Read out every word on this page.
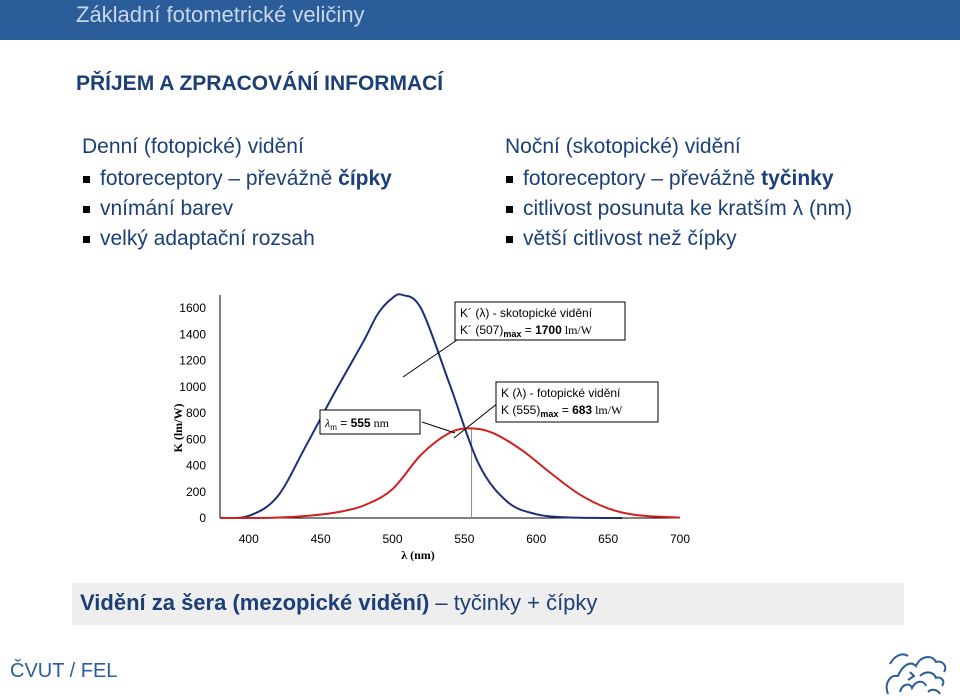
Základní fotometrické veličiny
PŘÍJEM A ZPRACOVÁNÍ INFORMACÍ
Denní (fotopické) vidění
fotoreceptory – převážně čípky
vnímání barev
velký adaptační rozsah
Noční (skotopické) vidění
fotoreceptory – převážně tyčinky
citlivost posunuta ke kratším λ (nm)
větší citlivost než čípky
0
200
400
600
800
1000
1200
1400
1600
400	450	500	550	600	650	700
K (lm/W)
λ (nm)
K´ (λ) - skotopické vidění
K´ $(507)_{max} = 1700$ lm/W
K (λ) - fotopické vidění
K $(555)_{max} = 683$ lm/W
$\lambda_m = 555$ nm
Vidění za šera (mezopické vidění) – tyčinky + čípky
ČVUT / FEL
